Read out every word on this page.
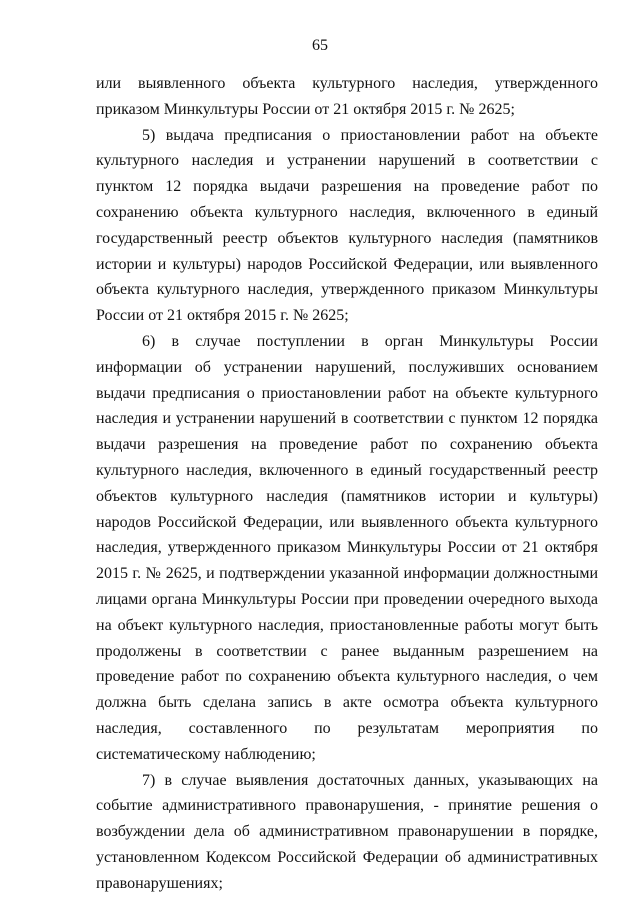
65

или выявленного объекта культурного наследия, утвержденного приказом Минкультуры России от 21 октября 2015 г. № 2625;

5) выдача предписания о приостановлении работ на объекте культурного наследия и устранении нарушений в соответствии с пунктом 12 порядка выдачи разрешения на проведение работ по сохранению объекта культурного наследия, включенного в единый государственный реестр объектов культурного наследия (памятников истории и культуры) народов Российской Федерации, или выявленного объекта культурного наследия, утвержденного приказом Минкультуры России от 21 октября 2015 г. № 2625;

6) в случае поступлении в орган Минкультуры России информации об устранении нарушений, послуживших основанием выдачи предписания о приостановлении работ на объекте культурного наследия и устранении нарушений в соответствии с пунктом 12 порядка выдачи разрешения на проведение работ по сохранению объекта культурного наследия, включенного в единый государственный реестр объектов культурного наследия (памятников истории и культуры) народов Российской Федерации, или выявленного объекта культурного наследия, утвержденного приказом Минкультуры России от 21 октября 2015 г. № 2625, и подтверждении указанной информации должностными лицами органа Минкультуры России при проведении очередного выхода на объект культурного наследия, приостановленные работы могут быть продолжены в соответствии с ранее выданным разрешением на проведение работ по сохранению объекта культурного наследия, о чем должна быть сделана запись в акте осмотра объекта культурного наследия, составленного по результатам мероприятия по систематическому наблюдению;

7) в случае выявления достаточных данных, указывающих на событие административного правонарушения, - принятие решения о возбуждении дела об административном правонарушении в порядке, установленном Кодексом Российской Федерации об административных правонарушениях;
